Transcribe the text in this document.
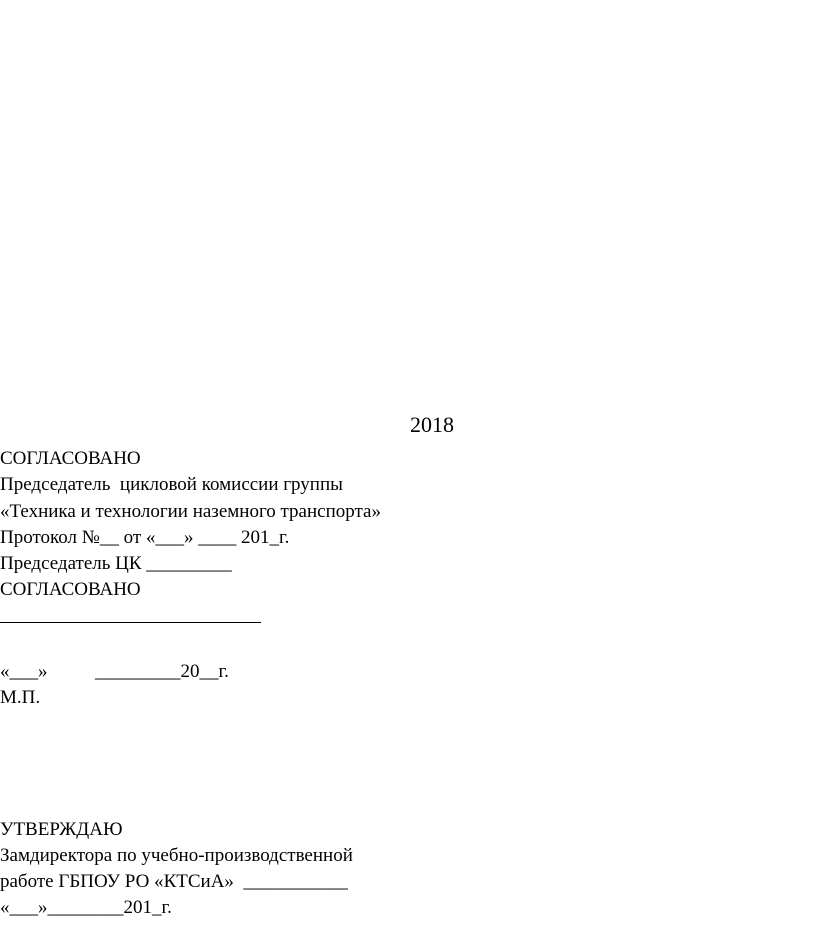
2018
СОГЛАСОВАНО
Председатель  цикловой комиссии группы
«Техника и технологии наземного транспорта»
Протокол №__ от «___» ____ 201_г.
Председатель ЦК _________
СОГЛАСОВАНО
«___»          _________20__г.
М.П.
УТВЕРЖДАЮ
Замдиректора по учебно-производственной
работе ГБПОУ РО «КТСиА»  ___________
«___»________201_г.
